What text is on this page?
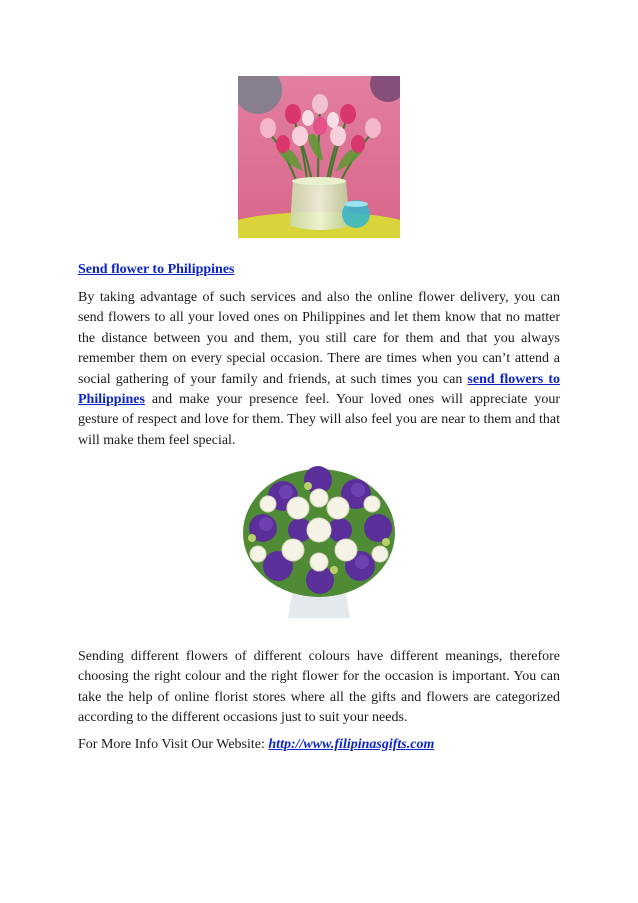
Send flower to Philippines

By taking advantage of such services and also the online flower delivery, you can send flowers to all your loved ones on Philippines and let them know that no matter the distance between you and them, you still care for them and that you always remember them on every special occasion. There are times when you can’t attend a social gathering of your family and friends, at such times you can send flowers to Philippines and make your presence feel. Your loved ones will appreciate your gesture of respect and love for them. They will also feel you are near to them and that will make them feel special.

Sending different flowers of different colours have different meanings, therefore choosing the right colour and the right flower for the occasion is important. You can take the help of online florist stores where all the gifts and flowers are categorized according to the different occasions just to suit your needs.

For More Info Visit Our Website: http://www.filipinasgifts.com
